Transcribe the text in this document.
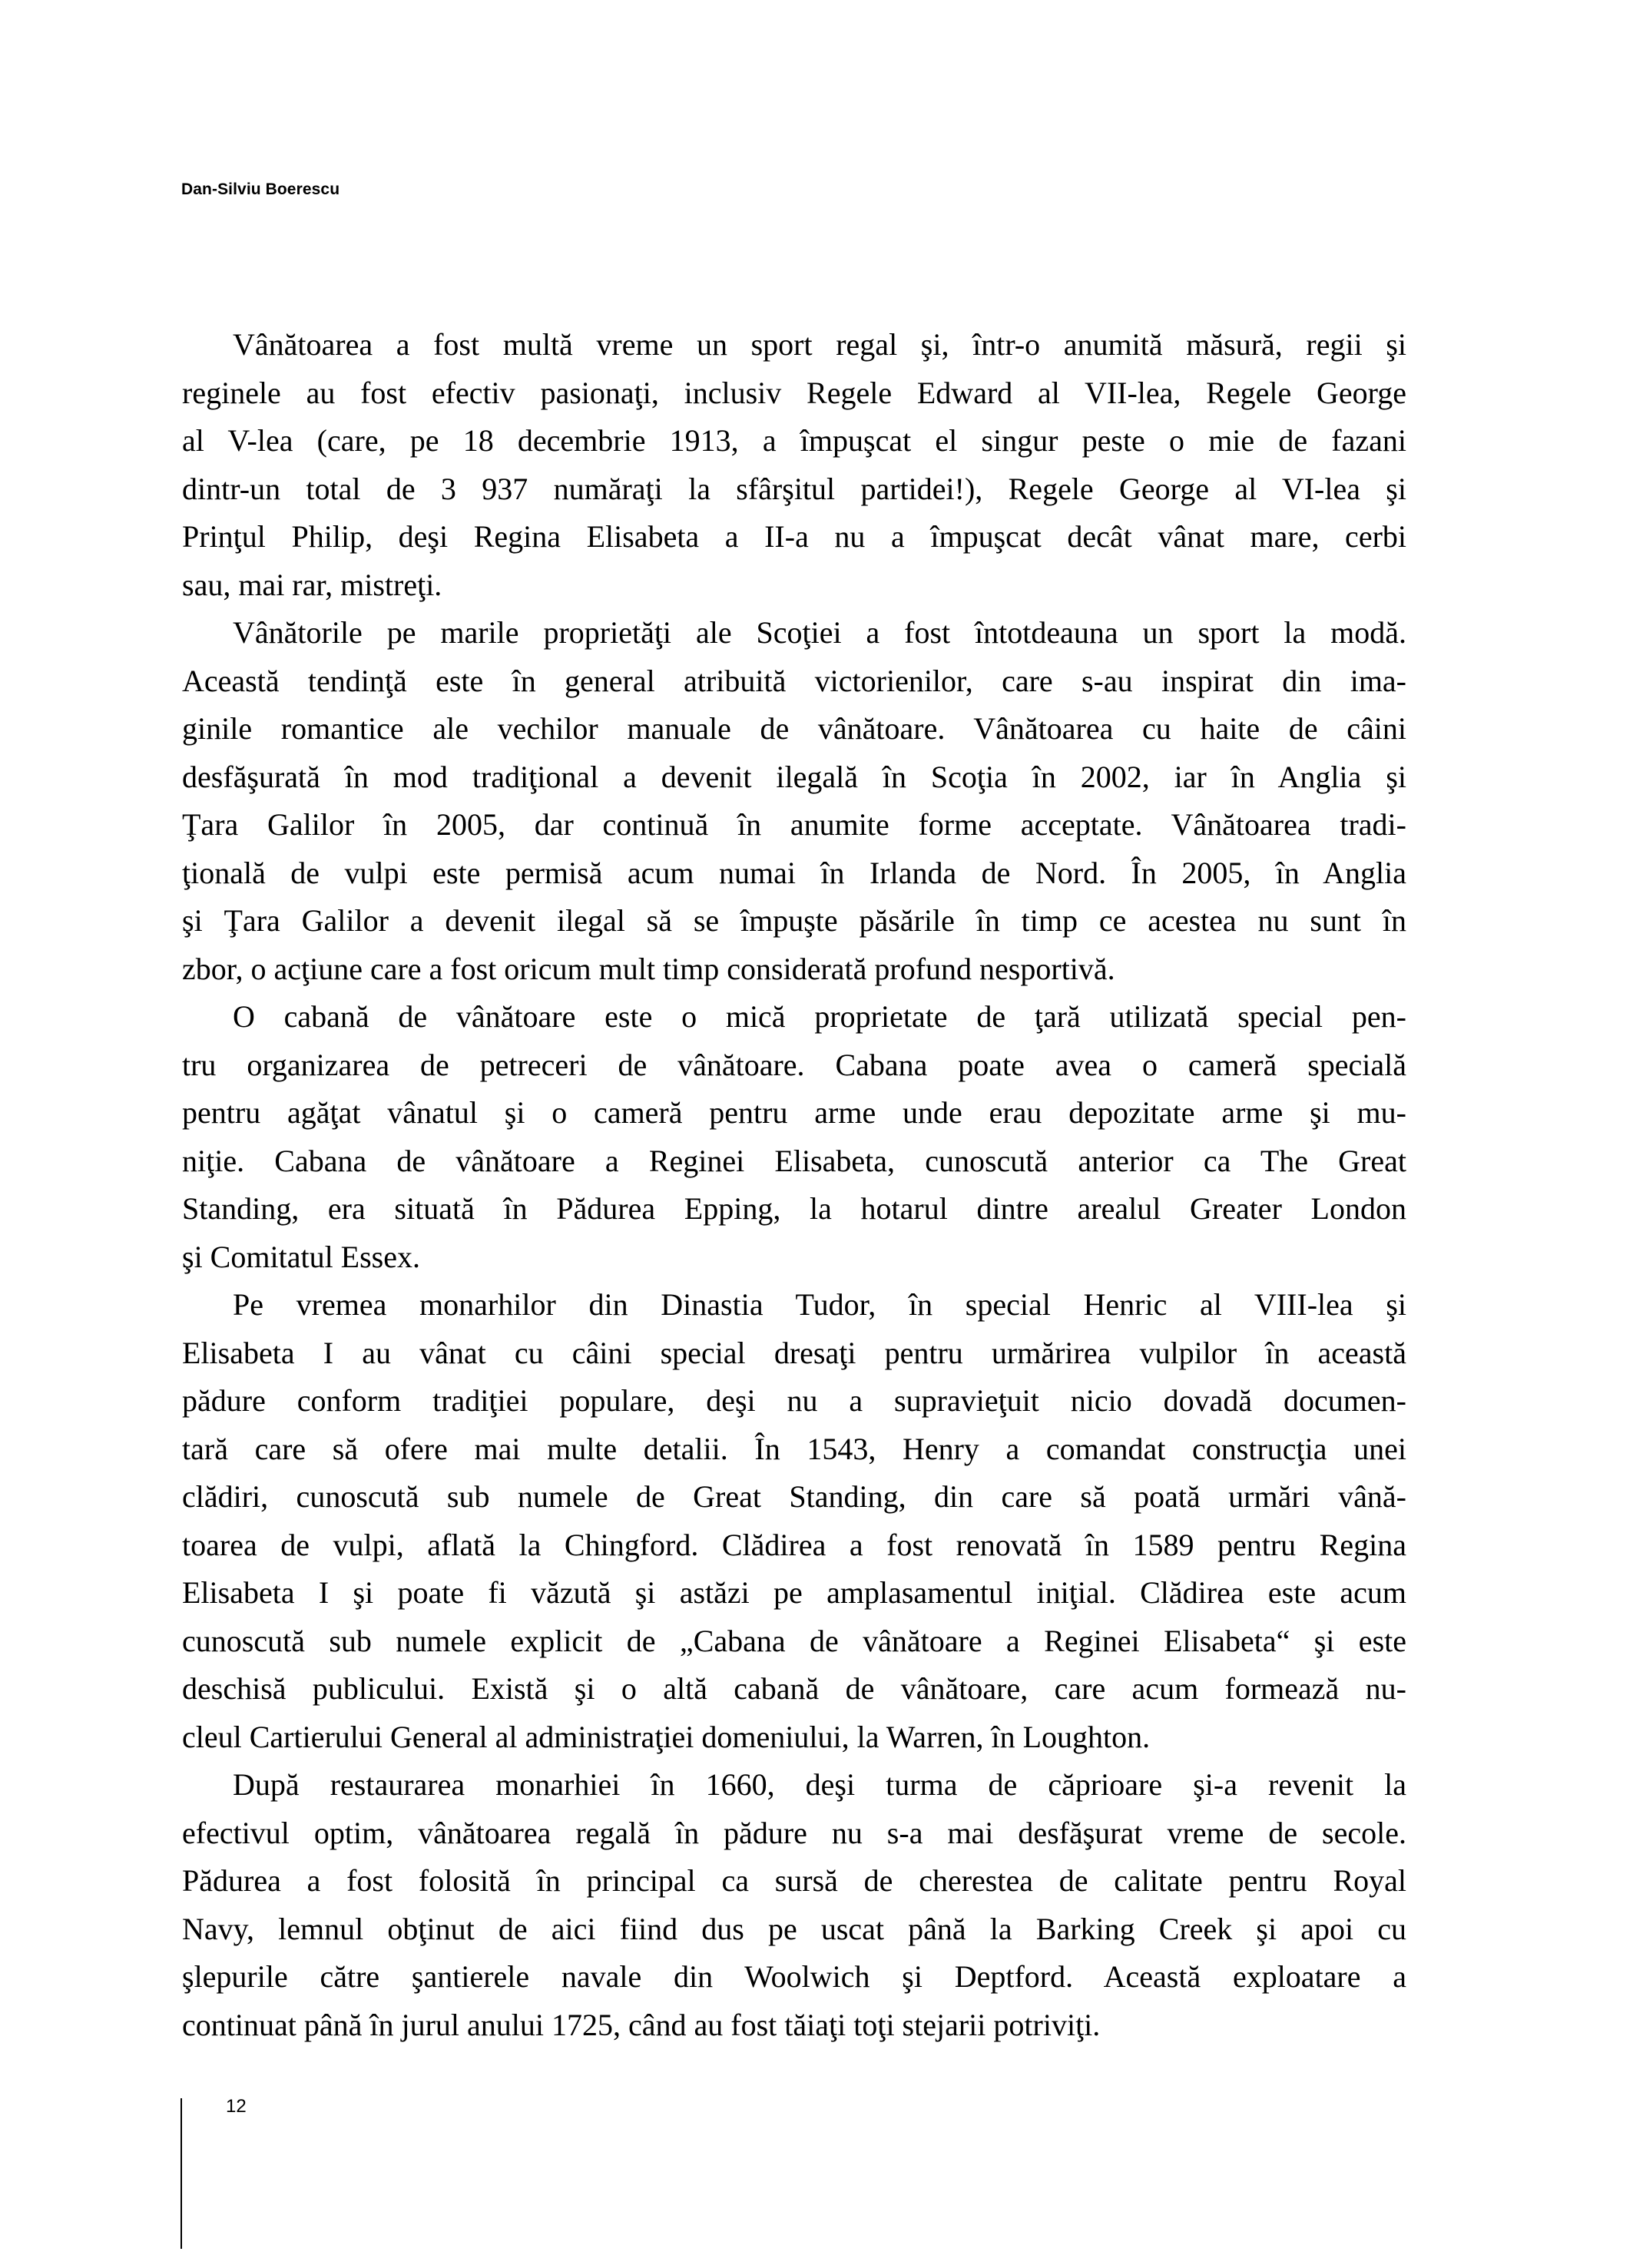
Dan-Silviu Boerescu

Vânătoarea a fost multă vreme un sport regal şi, într-o anumită măsură, regii şi
reginele au fost efectiv pasionaţi, inclusiv Regele Edward al VII-lea, Regele George
al V-lea (care, pe 18 decembrie 1913, a împuşcat el singur peste o mie de fazani
dintr-un total de 3 937 număraţi la sfârşitul partidei!), Regele George al VI-lea şi
Prinţul Philip, deşi Regina Elisabeta a II-a nu a împuşcat decât vânat mare, cerbi
sau, mai rar, mistreţi.

Vânătorile pe marile proprietăţi ale Scoţiei a fost întotdeauna un sport la modă.
Această tendinţă este în general atribuită victorienilor, care s-au inspirat din ima-
ginile romantice ale vechilor manuale de vânătoare. Vânătoarea cu haite de câini
desfăşurată în mod tradiţional a devenit ilegală în Scoţia în 2002, iar în Anglia şi
Ţara Galilor în 2005, dar continuă în anumite forme acceptate. Vânătoarea tradi-
ţională de vulpi este permisă acum numai în Irlanda de Nord. În 2005, în Anglia
şi Ţara Galilor a devenit ilegal să se împuşte păsările în timp ce acestea nu sunt în
zbor, o acţiune care a fost oricum mult timp considerată profund nesportivă.

O cabană de vânătoare este o mică proprietate de ţară utilizată special pen-
tru organizarea de petreceri de vânătoare. Cabana poate avea o cameră specială
pentru agăţat vânatul şi o cameră pentru arme unde erau depozitate arme şi mu-
niţie. Cabana de vânătoare a Reginei Elisabeta, cunoscută anterior ca The Great
Standing, era situată în Pădurea Epping, la hotarul dintre arealul Greater London
şi Comitatul Essex.

Pe vremea monarhilor din Dinastia Tudor, în special Henric al VIII-lea şi
Elisabeta I au vânat cu câini special dresaţi pentru urmărirea vulpilor în această
pădure conform tradiţiei populare, deşi nu a supravieţuit nicio dovadă documen-
tară care să ofere mai multe detalii. În 1543, Henry a comandat construcţia unei
clădiri, cunoscută sub numele de Great Standing, din care să poată urmări vână-
toarea de vulpi, aflată la Chingford. Clădirea a fost renovată în 1589 pentru Regina
Elisabeta I şi poate fi văzută şi astăzi pe amplasamentul iniţial. Clădirea este acum
cunoscută sub numele explicit de „Cabana de vânătoare a Reginei Elisabeta“ şi este
deschisă publicului. Există şi o altă cabană de vânătoare, care acum formează nu-
cleul Cartierului General al administraţiei domeniului, la Warren, în Loughton.

După restaurarea monarhiei în 1660, deşi turma de căprioare şi-a revenit la
efectivul optim, vânătoarea regală în pădure nu s-a mai desfăşurat vreme de secole.
Pădurea a fost folosită în principal ca sursă de cherestea de calitate pentru Royal
Navy, lemnul obţinut de aici fiind dus pe uscat până la Barking Creek şi apoi cu
şlepurile către şantierele navale din Woolwich şi Deptford. Această exploatare a
continuat până în jurul anului 1725, când au fost tăiaţi toţi stejarii potriviţi.

12
